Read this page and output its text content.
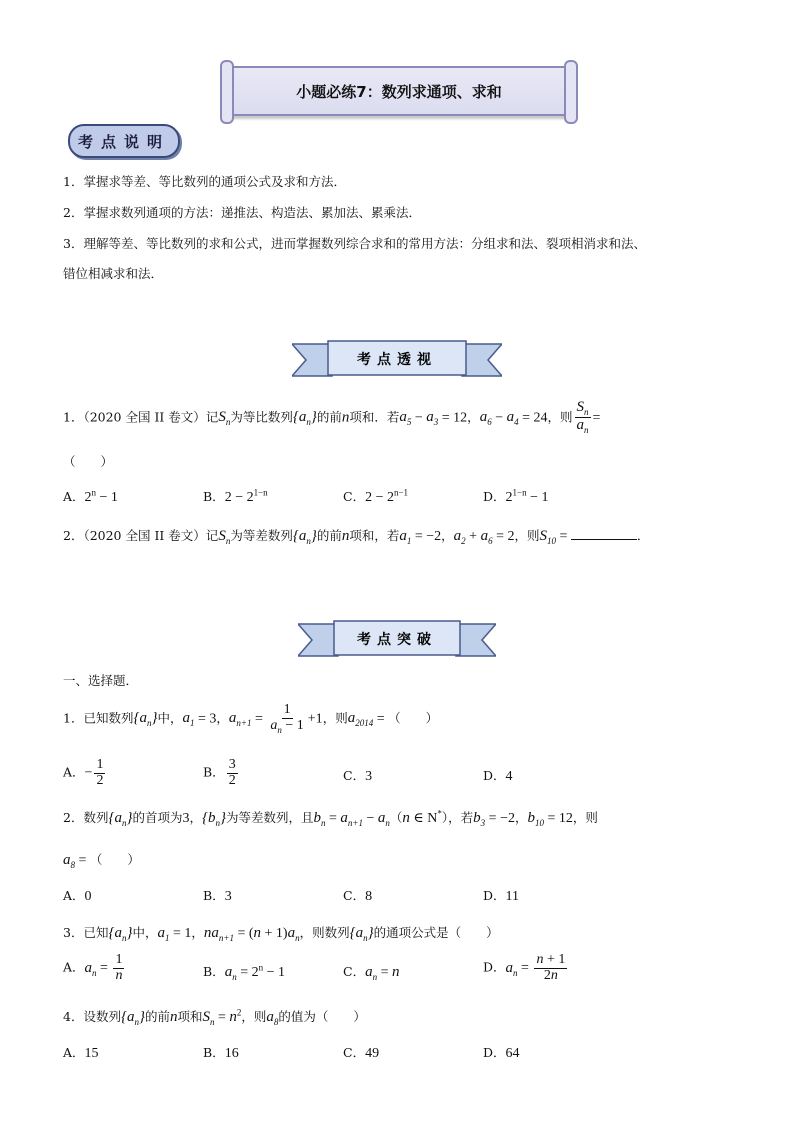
小题必练7：数列求通项、求和
考点说明
1．掌握求等差、等比数列的通项公式及求和方法．
2．掌握求数列通项的方法：递推法、构造法、累加法、累乘法．
3．理解等差、等比数列的求和公式，进而掌握数列综合求和的常用方法：分组求和法、裂项相消求和法、
错位相减求和法．
考点透视
1．（2020 全国 II 卷文）记$S_n$为等比数列$\{a_n\}$的前n项和．若$a_5 - a_3 = 12$，$a_6 - a_4 = 24$，则 $\frac{S_n}{a_n}$ =
（　　）
A．$2^n - 1$	B．$2 - 2^{1-n}$	C．$2 - 2^{n-1}$	D．$2^{1-n} - 1$
2．（2020 全国 II 卷文）记$S_n$为等差数列$\{a_n\}$的前n项和，若$a_1 = -2$，$a_2 + a_6 = 2$，则$S_{10}$ =	．
考点突破
一、选择题．
1．已知数列$\{a_n\}$中，$a_1 = 3$，$a_{n+1} = \frac{1}{a_n - 1} +1$，则$a_{2014}$ = （　　）
A．− $\frac{1}{2}$	B． $\frac{3}{2}$	C．3	D．4
2．数列$\{a_n\}$的首项为3，$\{b_n\}$为等差数列，且$b_n = a_{n+1} - a_n(n$ ∈ N*），若$b_3 = -2$，$b_{10} = 12$，则
$a_8$ = （　　）
A．0	B．3	C．8	D．11
3．已知$\{a_n\}$中，$a_1 = 1$，$na_{n+1} = (n + 1)a_n$，则数列$\{a_n\}$的通项公式是（　　）
A．$a_n = \frac{1}{n}$	B．$a_n = 2^n - 1$	C．$a_n = n$	D．$a_n = \frac{n + 1}{2n}$
4．设数列$\{a_n\}$的前n项和$S_n = n^2$，则$a_8$的值为（　　）
A．15	B．16	C．49	D．64
